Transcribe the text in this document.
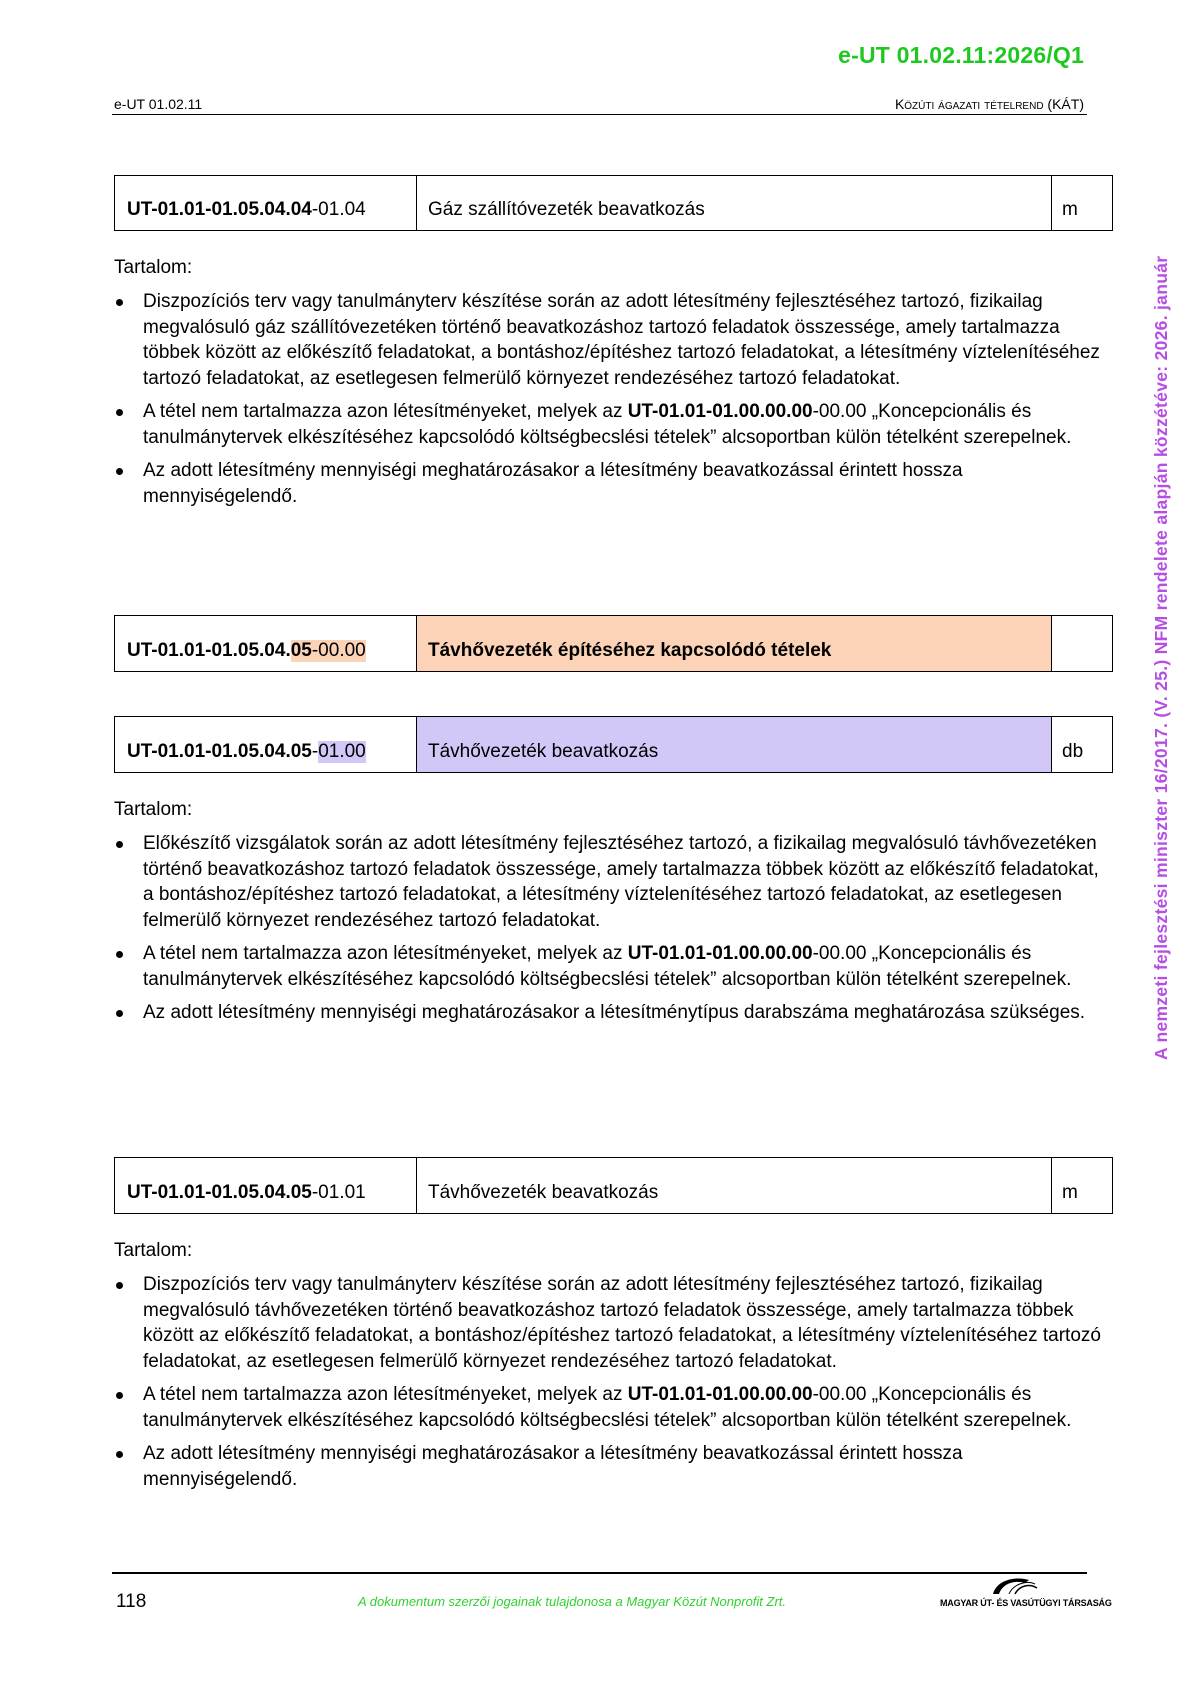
e-UT 01.02.11:2026/Q1
e-UT 01.02.11	Közúti ágazati tételrend (KÁT)
A nemzeti fejlesztési miniszter 16/2017. (V. 25.) NFM rendelete alapján közzétéve: 2026. január
UT-01.01-01.05.04.04 -01.04	Gáz szállítóvezeték beavatkozás	m
Tartalom:
Diszpozíciós terv vagy tanulmányterv készítése során az adott létesítmény fejlesztéséhez tartozó, fizikailag megvalósuló gáz szállítóvezetéken történő beavatkozáshoz tartozó feladatok összessége, amely tartalmazza többek között az előkészítő feladatokat, a bontáshoz/építéshez tartozó feladatokat, a létesítmény víztelenítéséhez tartozó feladatokat, az esetlegesen felmerülő környezet rendezéséhez tartozó feladatokat.
A tétel nem tartalmazza azon létesítményeket, melyek az UT-01.01-01.00.00.00-00.00 „Koncepcionális és tanulmánytervek elkészítéséhez kapcsolódó költségbecslési tételek” alcsoportban külön tételként szerepelnek.
Az adott létesítmény mennyiségi meghatározásakor a létesítmény beavatkozással érintett hossza mennyiségelendő.
UT-01.01-01.05.04. 05 -00.00	Távhővezeték építéséhez kapcsolódó tételek
UT-01.01-01.05.04.05 - 01.00	Távhővezeték beavatkozás	db
Tartalom:
Előkészítő vizsgálatok során az adott létesítmény fejlesztéséhez tartozó, a fizikailag megvalósuló távhővezetéken történő beavatkozáshoz tartozó feladatok összessége, amely tartalmazza többek között az előkészítő feladatokat, a bontáshoz/építéshez tartozó feladatokat, a létesítmény víztelenítéséhez tartozó feladatokat, az esetlegesen felmerülő környezet rendezéséhez tartozó feladatokat.
A tétel nem tartalmazza azon létesítményeket, melyek az UT-01.01-01.00.00.00-00.00 „Koncepcionális és tanulmánytervek elkészítéséhez kapcsolódó költségbecslési tételek” alcsoportban külön tételként szerepelnek.
Az adott létesítmény mennyiségi meghatározásakor a létesítménytípus darabszáma meghatározása szükséges.
UT-01.01-01.05.04.05 -01.01	Távhővezeték beavatkozás	m
Tartalom:
Diszpozíciós terv vagy tanulmányterv készítése során az adott létesítmény fejlesztéséhez tartozó, fizikailag megvalósuló távhővezetéken történő beavatkozáshoz tartozó feladatok összessége, amely tartalmazza többek között az előkészítő feladatokat, a bontáshoz/építéshez tartozó feladatokat, a létesítmény víztelenítéséhez tartozó feladatokat, az esetlegesen felmerülő környezet rendezéséhez tartozó feladatokat.
A tétel nem tartalmazza azon létesítményeket, melyek az UT-01.01-01.00.00.00-00.00 „Koncepcionális és tanulmánytervek elkészítéséhez kapcsolódó költségbecslési tételek” alcsoportban külön tételként szerepelnek.
Az adott létesítmény mennyiségi meghatározásakor a létesítmény beavatkozással érintett hossza mennyiségelendő.
118	A dokumentum szerzői jogainak tulajdonosa a Magyar Közút Nonprofit Zrt.	MAGYAR ÚT- ÉS VASÚTÜGYI TÁRSASÁG
